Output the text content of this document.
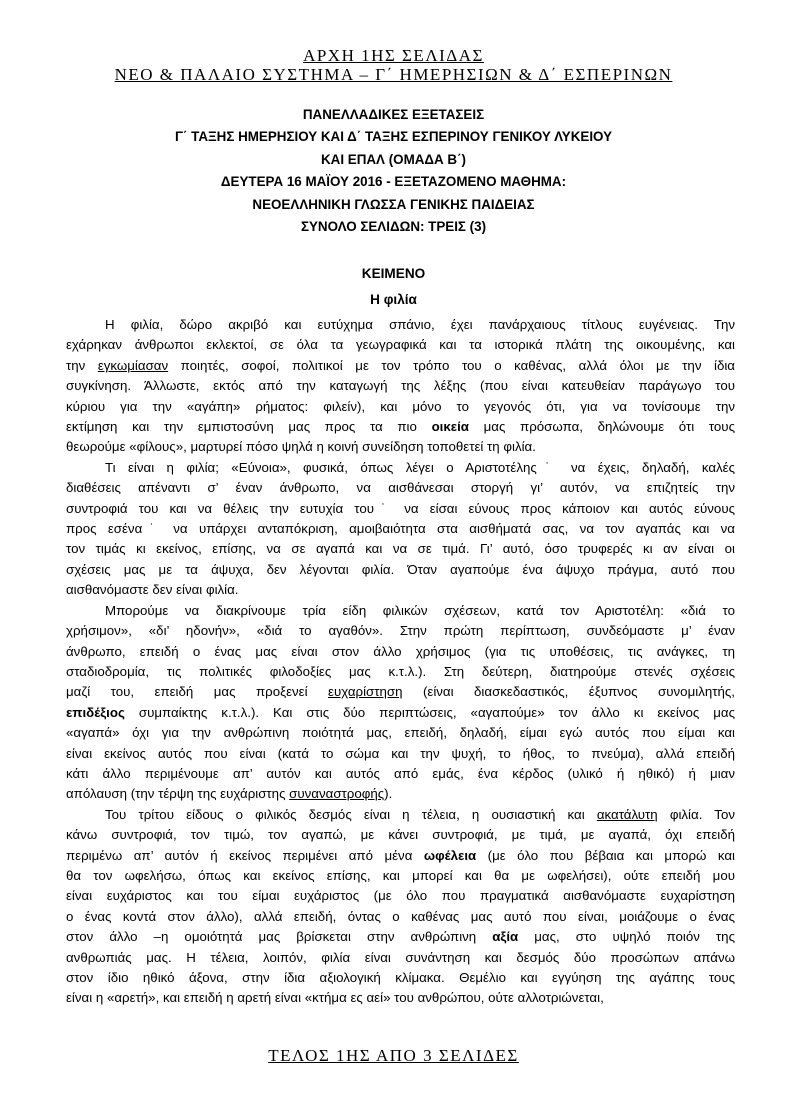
ΑΡΧΗ 1ΗΣ ΣΕΛΙΔΑΣ
ΝΕΟ & ΠΑΛΑΙΟ ΣΥΣΤΗΜΑ – Γ΄ ΗΜΕΡΗΣΙΩΝ & Δ΄ ΕΣΠΕΡΙΝΩΝ
ΠΑΝΕΛΛΑΔΙΚΕΣ ΕΞΕΤΑΣΕΙΣ
Γ΄ ΤΑΞΗΣ ΗΜΕΡΗΣΙΟΥ ΚΑΙ Δ΄ ΤΑΞΗΣ ΕΣΠΕΡΙΝΟΥ ΓΕΝΙΚΟΥ ΛΥΚΕΙΟΥ
ΚΑΙ ΕΠΑΛ (ΟΜΑΔΑ Β΄)
ΔΕΥΤΕΡΑ 16 ΜΑΪΟΥ 2016 - ΕΞΕΤΑΖΟΜΕΝΟ ΜΑΘΗΜΑ:
ΝΕΟΕΛΛΗΝΙΚΗ ΓΛΩΣΣΑ ΓΕΝΙΚΗΣ ΠΑΙΔΕΙΑΣ
ΣΥΝΟΛΟ ΣΕΛΙΔΩΝ: ΤΡΕΙΣ (3)
ΚΕΙΜΕΝΟ
Η φιλία
Η φιλία, δώρο ακριβό και ευτύχημα σπάνιο, έχει πανάρχαιους τίτλους ευγένειας. Την
εχάρηκαν άνθρωποι εκλεκτοί, σε όλα τα γεωγραφικά και τα ιστορικά πλάτη της οικουμένης, και
την εγκωμίασαν ποιητές, σοφοί, πολιτικοί με τον τρόπο του ο καθένας, αλλά όλοι με την ίδια
συγκίνηση. Άλλωστε, εκτός από την καταγωγή της λέξης (που είναι κατευθείαν παράγωγο του
κύριου για την «αγάπη» ρήματος: φιλείν), και μόνο το γεγονός ότι, για να τονίσουμε την
εκτίμηση και την εμπιστοσύνη μας προς τα πιο οικεία μας πρόσωπα, δηλώνουμε ότι τους
θεωρούμε «φίλους», μαρτυρεί πόσο ψηλά η κοινή συνείδηση τοποθετεί τη φιλία.
Τι είναι η φιλία; «Εύνοια», φυσικά, όπως λέγει ο Αριστοτέλης˙ να έχεις, δηλαδή, καλές
διαθέσεις απέναντι σ’ έναν άνθρωπο, να αισθάνεσαι στοργή γι’ αυτόν, να επιζητείς την
συντροφιά του και να θέλεις την ευτυχία του˙ να είσαι εύνους προς κάποιον και αυτός εύνους
προς εσένα˙ να υπάρχει ανταπόκριση, αμοιβαιότητα στα αισθήματά σας, να τον αγαπάς και να
τον τιμάς κι εκείνος, επίσης, να σε αγαπά και να σε τιμά. Γι’ αυτό, όσο τρυφερές κι αν είναι οι
σχέσεις μας με τα άψυχα, δεν λέγονται φιλία. Όταν αγαπούμε ένα άψυχο πράγμα, αυτό που
αισθανόμαστε δεν είναι φιλία.
Μπορούμε να διακρίνουμε τρία είδη φιλικών σχέσεων, κατά τον Αριστοτέλη: «διά το
χρήσιμον», «δι’ ηδονήν», «διά το αγαθόν». Στην πρώτη περίπτωση, συνδεόμαστε μ’ έναν
άνθρωπο, επειδή ο ένας μας είναι στον άλλο χρήσιμος (για τις υποθέσεις, τις ανάγκες, τη
σταδιοδρομία, τις πολιτικές φιλοδοξίες μας κ.τ.λ.). Στη δεύτερη, διατηρούμε στενές σχέσεις
μαζί του, επειδή μας προξενεί ευχαρίστηση (είναι διασκεδαστικός, έξυπνος συνομιλητής,
επιδέξιος συμπαίκτης κ.τ.λ.). Και στις δύο περιπτώσεις, «αγαπούμε» τον άλλο κι εκείνος μας
«αγαπά» όχι για την ανθρώπινη ποιότητά μας, επειδή, δηλαδή, είμαι εγώ αυτός που είμαι και
είναι εκείνος αυτός που είναι (κατά το σώμα και την ψυχή, το ήθος, το πνεύμα), αλλά επειδή
κάτι άλλο περιμένουμε απ’ αυτόν και αυτός από εμάς, ένα κέρδος (υλικό ή ηθικό) ή μιαν
απόλαυση (την τέρψη της ευχάριστης συναναστροφής).
Του τρίτου είδους ο φιλικός δεσμός είναι η τέλεια, η ουσιαστική και ακατάλυτη φιλία. Τον
κάνω συντροφιά, τον τιμώ, τον αγαπώ, με κάνει συντροφιά, με τιμά, με αγαπά, όχι επειδή
περιμένω απ’ αυτόν ή εκείνος περιμένει από μένα ωφέλεια (με όλο που βέβαια και μπορώ και
θα τον ωφελήσω, όπως και εκείνος επίσης, και μπορεί και θα με ωφελήσει), ούτε επειδή μου
είναι ευχάριστος και του είμαι ευχάριστος (με όλο που πραγματικά αισθανόμαστε ευχαρίστηση
ο ένας κοντά στον άλλο), αλλά επειδή, όντας ο καθένας μας αυτό που είναι, μοιάζουμε ο ένας
στον άλλο –η ομοιότητά μας βρίσκεται στην ανθρώπινη αξία μας, στο υψηλό ποιόν της
ανθρωπιάς μας. Η τέλεια, λοιπόν, φιλία είναι συνάντηση και δεσμός δύο προσώπων απάνω
στον ίδιο ηθικό άξονα, στην ίδια αξιολογική κλίμακα. Θεμέλιο και εγγύηση της αγάπης τους
είναι η «αρετή», και επειδή η αρετή είναι «κτήμα ες αεί» του ανθρώπου, ούτε αλλοτριώνεται,
ΤΕΛΟΣ 1ΗΣ ΑΠΟ 3 ΣΕΛΙΔΕΣ
